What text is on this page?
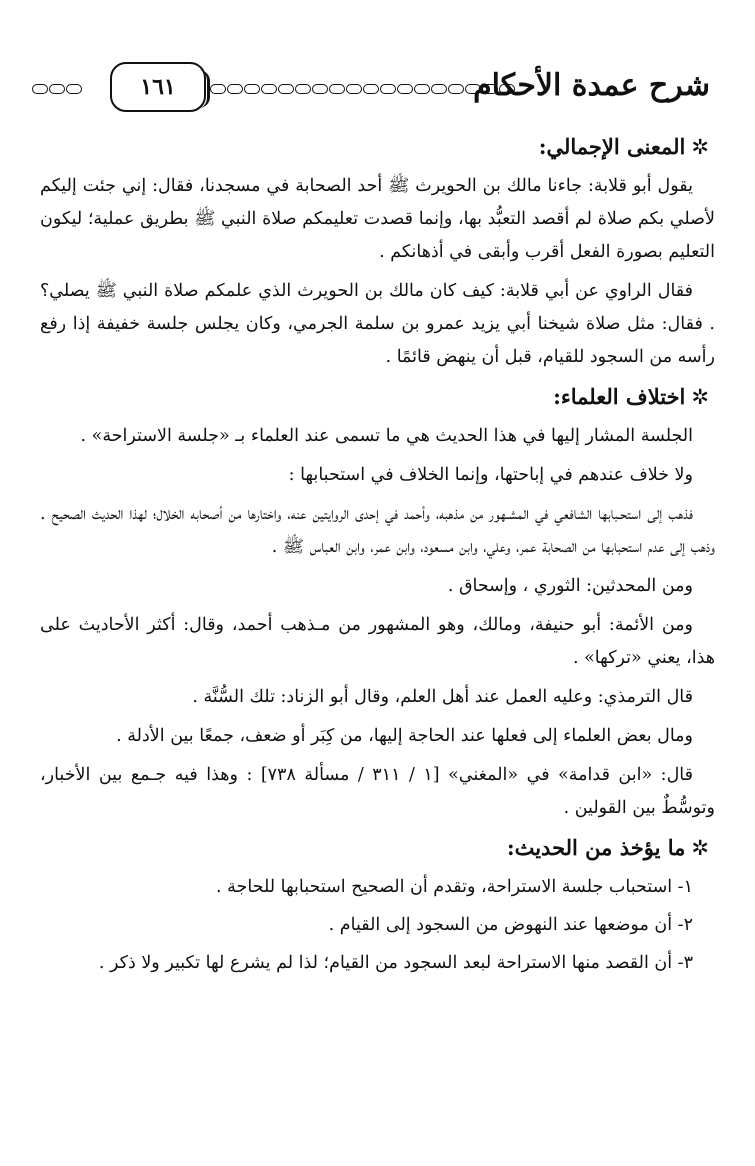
شرح عمدة الأحكام
١٦١
✲المعنى الإجمالي:

يقول أبو قلابة: جاءنا مالك بن الحويرث ﷺ أحد الصحابة في مسجدنا، فقال: إني جئت إليكم لأصلي بكم صلاة لم أقصد التعبُّد بها، وإنما قصدت تعليمكم صلاة النبي ﷺ بطريق عملية؛ ليكون التعليم بصورة الفعل أقرب وأبقى في أذهانكم .

فقال الراوي عن أبي قلابة: كيف كان مالك بن الحويرث الذي علمكم صلاة النبي ﷺ يصلي؟ . فقال: مثل صلاة شيخنا أبي يزيد عمرو بن سلمة الجرمي، وكان يجلس جلسة خفيفة إذا رفع رأسه من السجود للقيام، قبل أن ينهض قائمًا .

✲اختلاف العلماء:

الجلسة المشار إليها في هذا الحديث هي ما تسمى عند العلماء بـ «جلسة الاستراحة» .

ولا خلاف عندهم في إباحتها، وإنما الخلاف في استحبابها :

فذهب إلى استحـبابها الشافعي في المشـهور من مذهبه، وأحمد في إحدى الروايتين عنه، واختارها من أصحابه الخلال؛ لهذا الحديث الصحيح . وذهب إلى عدم استحبابها من الصحابة عمر، وعلي، وابن مسعود، وابن عمر، وابن العباس ﷺ .

ومن المحدثين: الثوري ، وإسحاق .

ومن الأئمة: أبو حنيفة، ومالك، وهو المشهور من مـذهب أحمد، وقال: أكثر الأحاديث على هذا، يعني «تركها» .

قال الترمذي: وعليه العمل عند أهل العلم، وقال أبو الزناد: تلك السُّنَّة .

ومال بعض العلماء إلى فعلها عند الحاجة إليها، من كِبَر أو ضعف، جمعًا بين الأدلة .

قال: «ابن قدامة» في «المغني» [١ / ٣١١ / مسألة ٧٣٨] : وهذا فيه جـمع بين الأخبار، وتوسُّطٌ بين القولين .

✲ما يؤخذ من الحديث:
١- استحباب جلسة الاستراحة، وتقدم أن الصحيح استحبابها للحاجة .
٢- أن موضعها عند النهوض من السجود إلى القيام .
٣- أن القصد منها الاستراحة لبعد السجود من القيام؛ لذا لم يشرع لها تكبير ولا ذكر .
